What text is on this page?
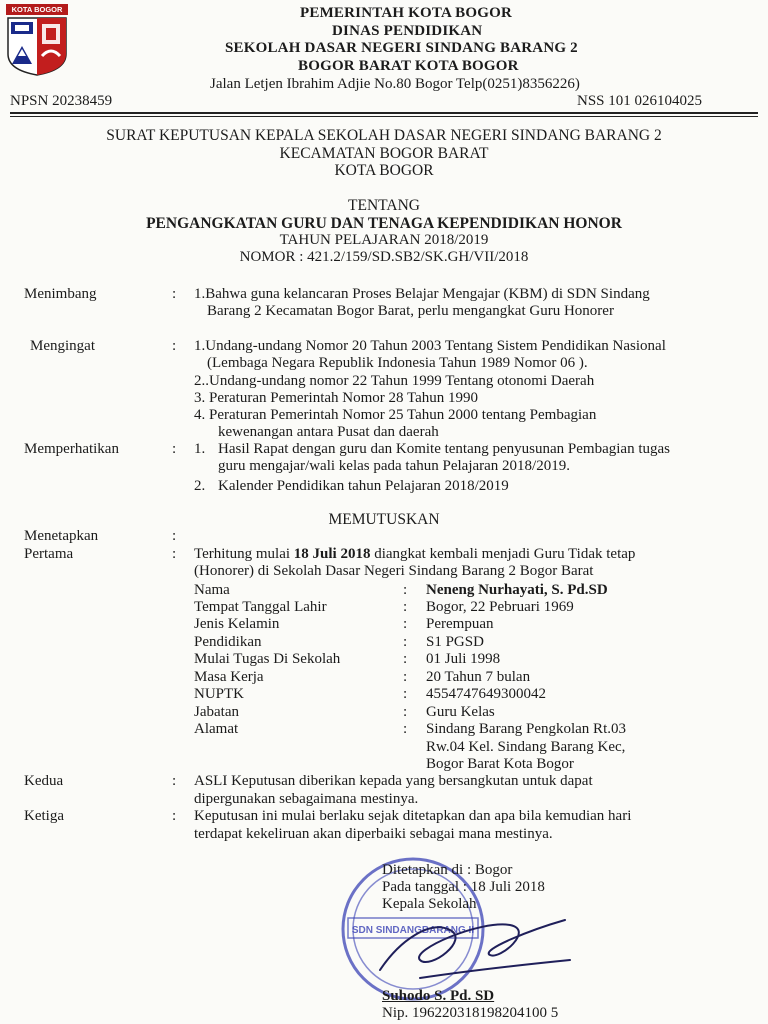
KOTA BOGOR	PEMERINTAH KOTA BOGOR
DINAS PENDIDIKAN
SEKOLAH DASAR NEGERI SINDANG BARANG 2
BOGOR BARAT KOTA BOGOR
Jalan Letjen Ibrahim Adjie No.80 Bogor Telp(0251)8356226)
NPSN 20238459	NSS 101 026104025
SURAT KEPUTUSAN KEPALA SEKOLAH DASAR NEGERI SINDANG BARANG 2
KECAMATAN BOGOR BARAT
KOTA BOGOR
TENTANG
PENGANGKATAN GURU DAN TENAGA KEPENDIDIKAN HONOR
TAHUN PELAJARAN 2018/2019
NOMOR : 421.2/159/SD.SB2/SK.GH/VII/2018
Menimbang	: 1.Bahwa guna kelancaran Proses Belajar Mengajar (KBM) di SDN Sindang
Barang 2 Kecamatan Bogor Barat, perlu mengangkat Guru Honorer
Mengingat	: 1.Undang-undang Nomor 20 Tahun 2003 Tentang Sistem Pendidikan Nasional
(Lembaga Negara Republik Indonesia Tahun 1989 Nomor 06 ).
2..Undang-undang nomor 22 Tahun 1999 Tentang otonomi Daerah
3. Peraturan Pemerintah Nomor 28 Tahun 1990
4. Peraturan Pemerintah Nomor 25 Tahun 2000 tentang Pembagian
kewenangan antara Pusat dan daerah
Memperhatikan	: 1. Hasil Rapat dengan guru dan Komite tentang penyusunan Pembagian tugas
guru mengajar/wali kelas pada tahun Pelajaran 2018/2019.
2. Kalender Pendidikan tahun Pelajaran 2018/2019
MEMUTUSKAN
Menetapkan	:
Pertama	: Terhitung mulai 18 Juli 2018 diangkat kembali menjadi Guru Tidak tetap
(Honorer) di Sekolah Dasar Negeri Sindang Barang 2 Bogor Barat
Nama	: Neneng Nurhayati, S. Pd.SD
Tempat Tanggal Lahir	: Bogor, 22 Pebruari 1969
Jenis Kelamin	: Perempuan
Pendidikan	: S1 PGSD
Mulai Tugas Di Sekolah	: 01 Juli 1998
Masa Kerja	: 20 Tahun 7 bulan
NUPTK	: 4554747649300042
Jabatan	: Guru Kelas
Alamat	: Sindang Barang Pengkolan Rt.03
Rw.04 Kel. Sindang Barang Kec,
Bogor Barat Kota Bogor
Kedua	: ASLI Keputusan diberikan kepada yang bersangkutan untuk dapat
dipergunakan sebagaimana mestinya.
Ketiga	: Keputusan ini mulai berlaku sejak ditetapkan dan apa bila kemudian hari
terdapat kekeliruan akan diperbaiki sebagai mana mestinya.
SDN SINDANGBARANG II
Ditetapkan di : Bogor
Pada tanggal : 18 Juli 2018
Kepala Sekolah
Suhodo S. Pd. SD
Nip. 196220318198204100 5
